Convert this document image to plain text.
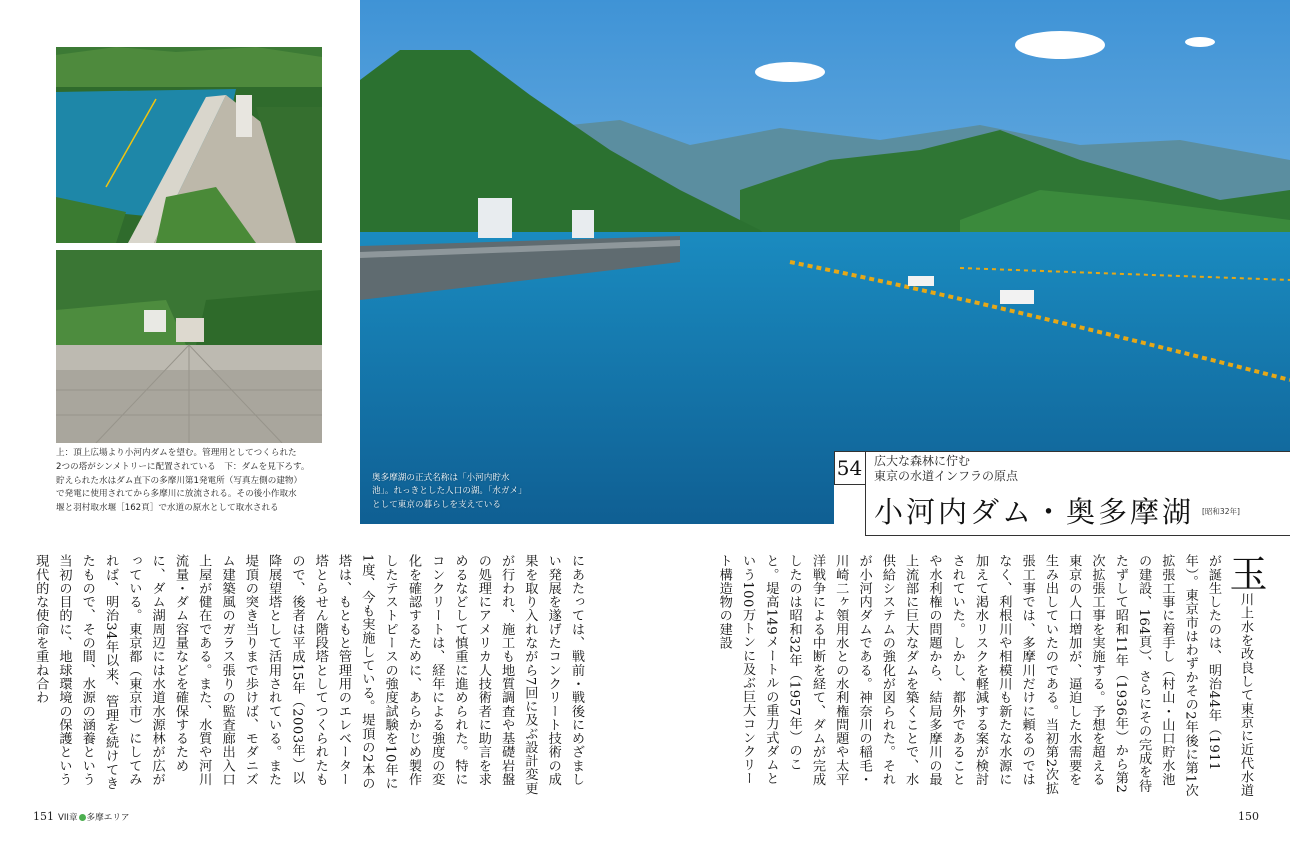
上：頂上広場より小河内ダムを望む。管理用としてつくられた
2つの塔がシンメトリーに配置されている　下：ダムを見下ろす。
貯えられた水はダム直下の多摩川第1発電所（写真左側の建物）
で発電に使用されてから多摩川に放流される。その後小作取水
堰と羽村取水堰［162頁］で水道の原水として取水される
奥多摩湖の正式名称は「小河内貯水
池」。れっきとした人口の湖。「水ガメ」
として東京の暮らしを支えている
54 広大な森林に佇む
東京の水道インフラの原点
小河内ダム・奥多摩湖 [昭和32年]
玉川上水を改良して東京に近代水道が誕生したのは、明治44年（1911年）。東京市はわずかその2年後に第1次拡張工事に着手し（村山・山口貯水池の建設、164頁）、さらにその完成を待たずして昭和11年（1936年）から第2次拡張工事を実施する。予想を超える東京の人口増加が、逼迫した水需要を生み出していたのである。当初第2次拡張工事では、多摩川だけに頼るのではなく、利根川や相模川も新たな水源に加えて渇水リスクを軽減する案が検討されていた。しかし、都外であることや水利権の問題から、結局多摩川の最上流部に巨大なダムを築くことで、水供給システムの強化が図られた。それが小河内ダムである。神奈川の稲毛・川崎二ヶ領用水との水利権問題や太平洋戦争による中断を経て、ダムが完成したのは昭和32年（1957年）のこと。堤高149メートルの重力式ダムという100万トンに及ぶ巨大コンクリート構造物の建設
にあたっては、戦前・戦後にめざましい発展を遂げたコンクリート技術の成果を取り入れながら7回に及ぶ設計変更が行われ、施工も地質調査や基礎岩盤の処理にアメリカ人技術者に助言を求めるなどして慎重に進められた。特にコンクリートは、経年による強度の変化を確認するために、あらかじめ製作したテストピースの強度試験を10年に1度、今も実施している。堤頂の2本の塔は、もともと管理用のエレベーター塔とらせん階段塔としてつくられたもので、後者は平成15年（2003年）以降展望塔として活用されている。また堤頂の突き当りまで歩けば、モダニズム建築風のガラス張りの監査廊出入口上屋が健在である。また、水質や河川流量・ダム容量などを確保するために、ダム湖周辺には水道水源林が広がっている。東京都（東京市）にしてみれば、明治34年以来、管理を続けてきたもので、その間、水源の涵養という当初の目的に、地球環境の保護という現代的な使命を重ね合わ
151 VII章 多摩エリア	150
